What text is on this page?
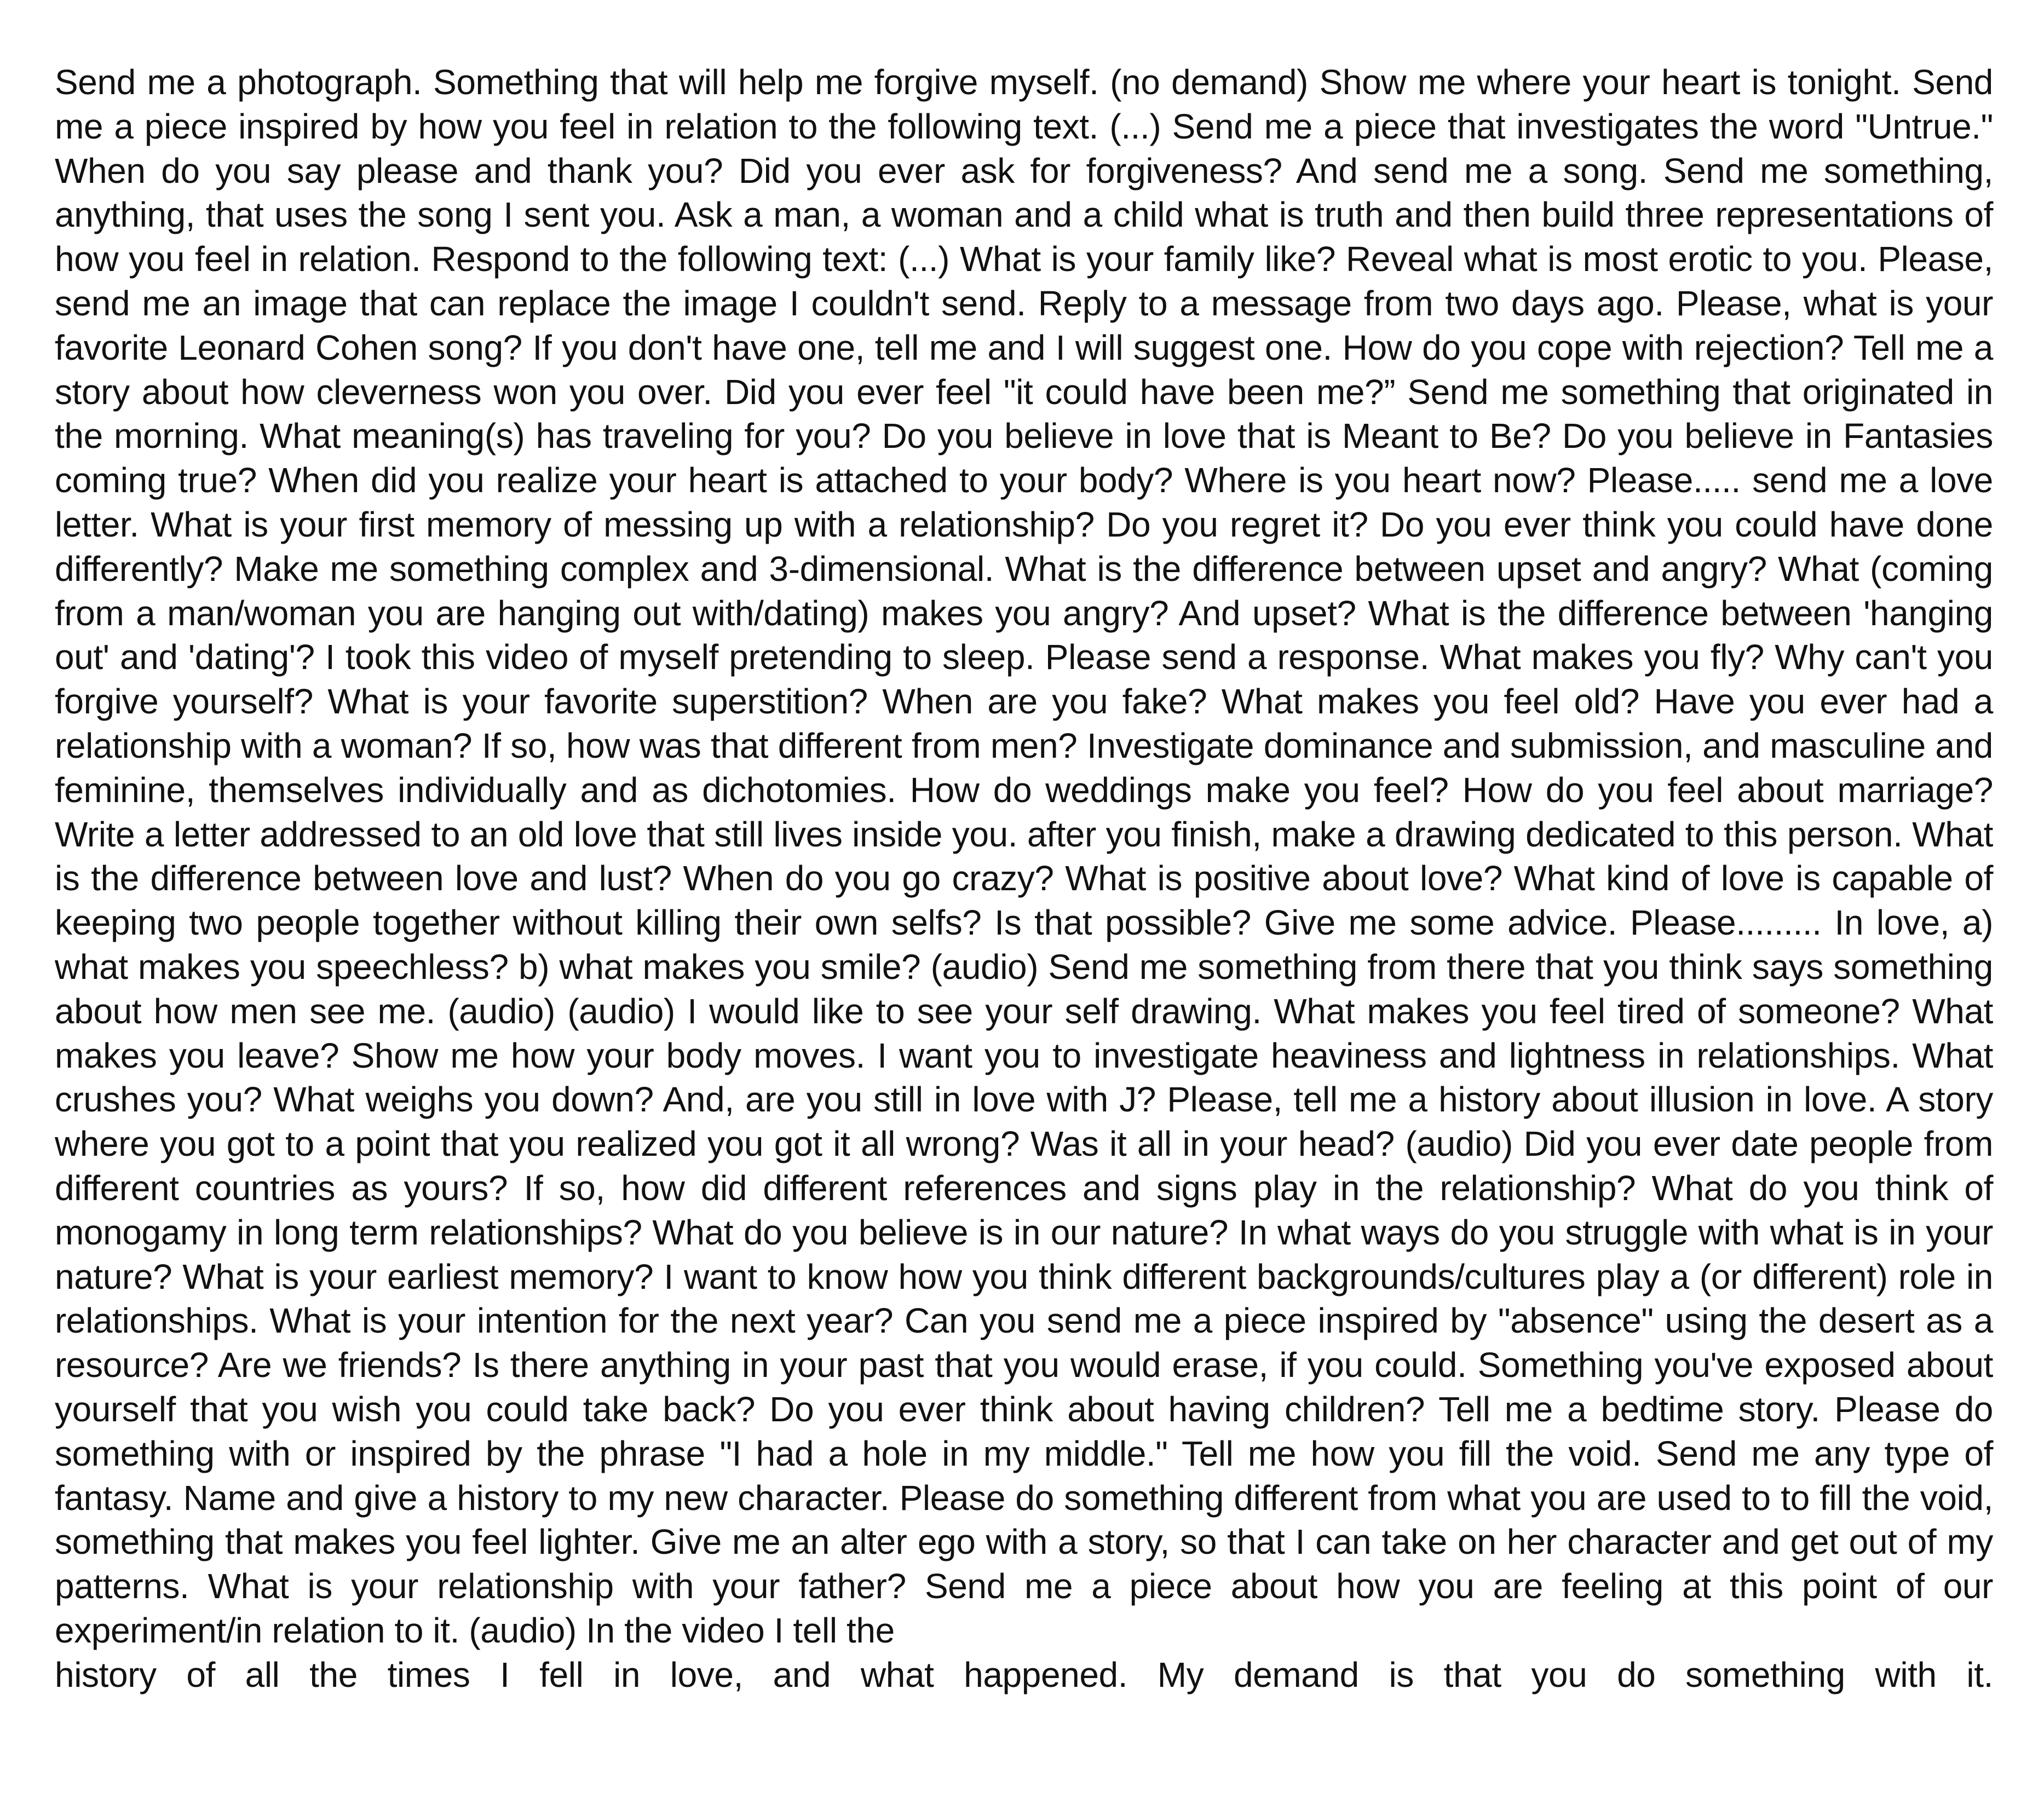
Send me a photograph. Something that will help me forgive myself. (no demand) Show me where your heart is tonight. Send me a piece inspired by how you feel in relation to the following text. (...) Send me a piece that investigates the word "Untrue." When do you say please and thank you? Did you ever ask for forgiveness? And send me a song. Send me something, anything, that uses the song I sent you. Ask a man, a woman and a child what is truth and then build three representations of how you feel in relation. Respond to the following text: (...) What is your family like? Reveal what is most erotic to you. Please, send me an image that can replace the image I couldn't send. Reply to a message from two days ago. Please, what is your favorite Leonard Cohen song? If you don't have one, tell me and I will suggest one. How do you cope with rejection? Tell me a story about how cleverness won you over. Did you ever feel "it could have been me?” Send me something that originated in the morning. What meaning(s) has traveling for you? Do you believe in love that is Meant to Be? Do you believe in Fantasies coming true? When did you realize your heart is attached to your body? Where is you heart now? Please..... send me a love letter. What is your first memory of messing up with a relationship? Do you regret it? Do you ever think you could have done differently? Make me something complex and 3-dimensional. What is the difference between upset and angry? What (coming from a man/woman you are hanging out with/dating) makes you angry? And upset? What is the difference between 'hanging out' and 'dating'? I took this video of myself pretending to sleep. Please send a response. What makes you fly? Why can't you forgive yourself? What is your favorite superstition? When are you fake? What makes you feel old? Have you ever had a relationship with a woman? If so, how was that different from men? Investigate dominance and submission, and masculine and feminine, themselves individually and as dichotomies. How do weddings make you feel? How do you feel about marriage? Write a letter addressed to an old love that still lives inside you. after you finish, make a drawing dedicated to this person. What is the difference between love and lust? When do you go crazy? What is positive about love? What kind of love is capable of keeping two people together without killing their own selfs? Is that possible? Give me some advice. Please......... In love, a) what makes you speechless? b) what makes you smile? (audio) Send me something from there that you think says something about how men see me. (audio) (audio) I would like to see your self drawing. What makes you feel tired of someone? What makes you leave? Show me how your body moves. I want you to investigate heaviness and lightness in relationships. What crushes you? What weighs you down? And, are you still in love with J? Please, tell me a history about illusion in love. A story where you got to a point that you realized you got it all wrong? Was it all in your head? (audio) Did you ever date people from different countries as yours? If so, how did different references and signs play in the relationship? What do you think of monogamy in long term relationships? What do you believe is in our nature? In what ways do you struggle with what is in your nature? What is your earliest memory? I want to know how you think different backgrounds/cultures play a (or different) role in relationships. What is your intention for the next year? Can you send me a piece inspired by "absence" using the desert as a resource? Are we friends? Is there anything in your past that you would erase, if you could. Something you've exposed about yourself that you wish you could take back? Do you ever think about having children? Tell me a bedtime story. Please do something with or inspired by the phrase "I had a hole in my middle." Tell me how you fill the void. Send me any type of fantasy. Name and give a history to my new character. Please do something different from what you are used to to fill the void, something that makes you feel lighter. Give me an alter ego with a story, so that I can take on her character and get out of my patterns. What is your relationship with your father? Send me a piece about how you are feeling at this point of our experiment/in relation to it. (audio) In the video I tell the
history of all the times I fell in love, and what happened. My demand is that you do something with it.
